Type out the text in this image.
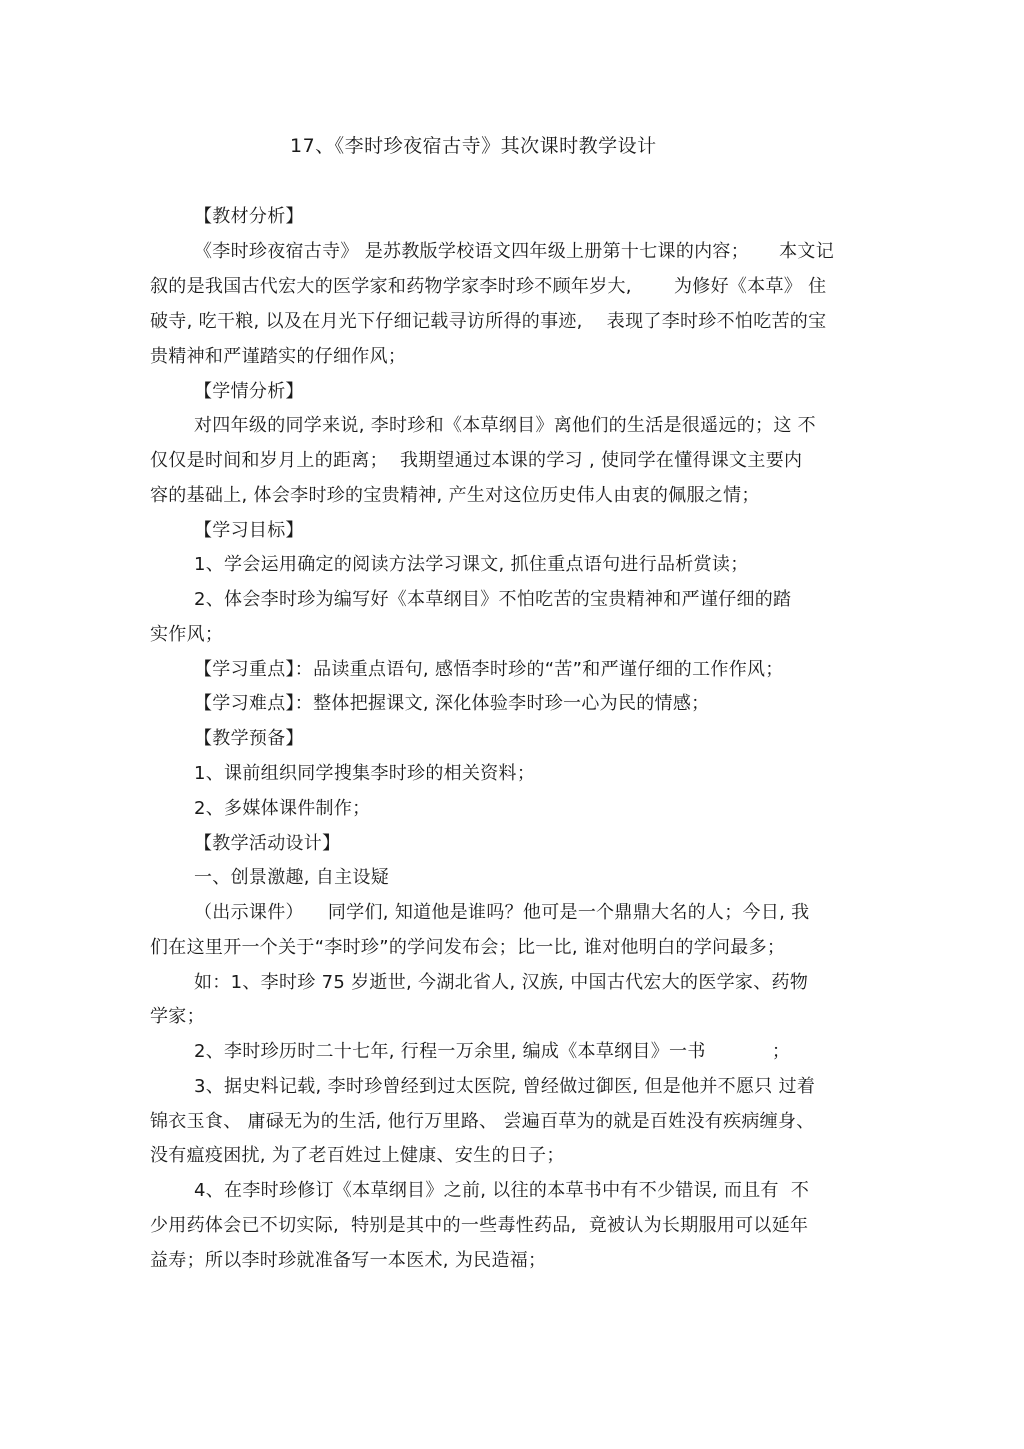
17、《李时珍夜宿古寺》其次课时教学设计
【教材分析】
《李时珍夜宿古寺》 是苏教版学校语文四年级上册第十七课的内容；     本文记
叙的是我国古代宏大的医学家和药物学家李时珍不顾年岁大,       为修好《本草》 住
破寺, 吃干粮, 以及在月光下仔细记载寻访所得的事迹,    表现了李时珍不怕吃苦的宝
贵精神和严谨踏实的仔细作风；
【学情分析】
对四年级的同学来说, 李时珍和《本草纲目》离他们的生活是很遥远的；这 不
仅仅是时间和岁月上的距离；  我期望通过本课的学习 , 使同学在懂得课文主要内
容的基础上, 体会李时珍的宝贵精神, 产生对这位历史伟人由衷的佩服之情；
【学习目标】
1、学会运用确定的阅读方法学习课文, 抓住重点语句进行品析赏读；
2、体会李时珍为编写好《本草纲目》不怕吃苦的宝贵精神和严谨仔细的踏
实作风；
【学习重点】：品读重点语句, 感悟李时珍的“苦”和严谨仔细的工作作风；
【学习难点】：整体把握课文, 深化体验李时珍一心为民的情感；
【教学预备】
1、课前组织同学搜集李时珍的相关资料；
2、多媒体课件制作；
【教学活动设计】
一、创景激趣, 自主设疑
（出示课件）    同学们, 知道他是谁吗？他可是一个鼎鼎大名的人；今日, 我
们在这里开一个关于“李时珍”的学问发布会；比一比, 谁对他明白的学问最多；
如：1、李时珍 75 岁逝世, 今湖北省人, 汉族, 中国古代宏大的医学家、药物
学家；
2、李时珍历时二十七年, 行程一万余里, 编成《本草纲目》一书           ；
3、据史料记载, 李时珍曾经到过太医院, 曾经做过御医, 但是他并不愿只 过着
锦衣玉食、 庸碌无为的生活, 他行万里路、 尝遍百草为的就是百姓没有疾病缠身、
没有瘟疫困扰, 为了老百姓过上健康、安生的日子；
4、在李时珍修订《本草纲目》之前, 以往的本草书中有不少错误, 而且有  不
少用药体会已不切实际,  特别是其中的一些毒性药品,  竟被认为长期服用可以延年
益寿；所以李时珍就准备写一本医术, 为民造福；
